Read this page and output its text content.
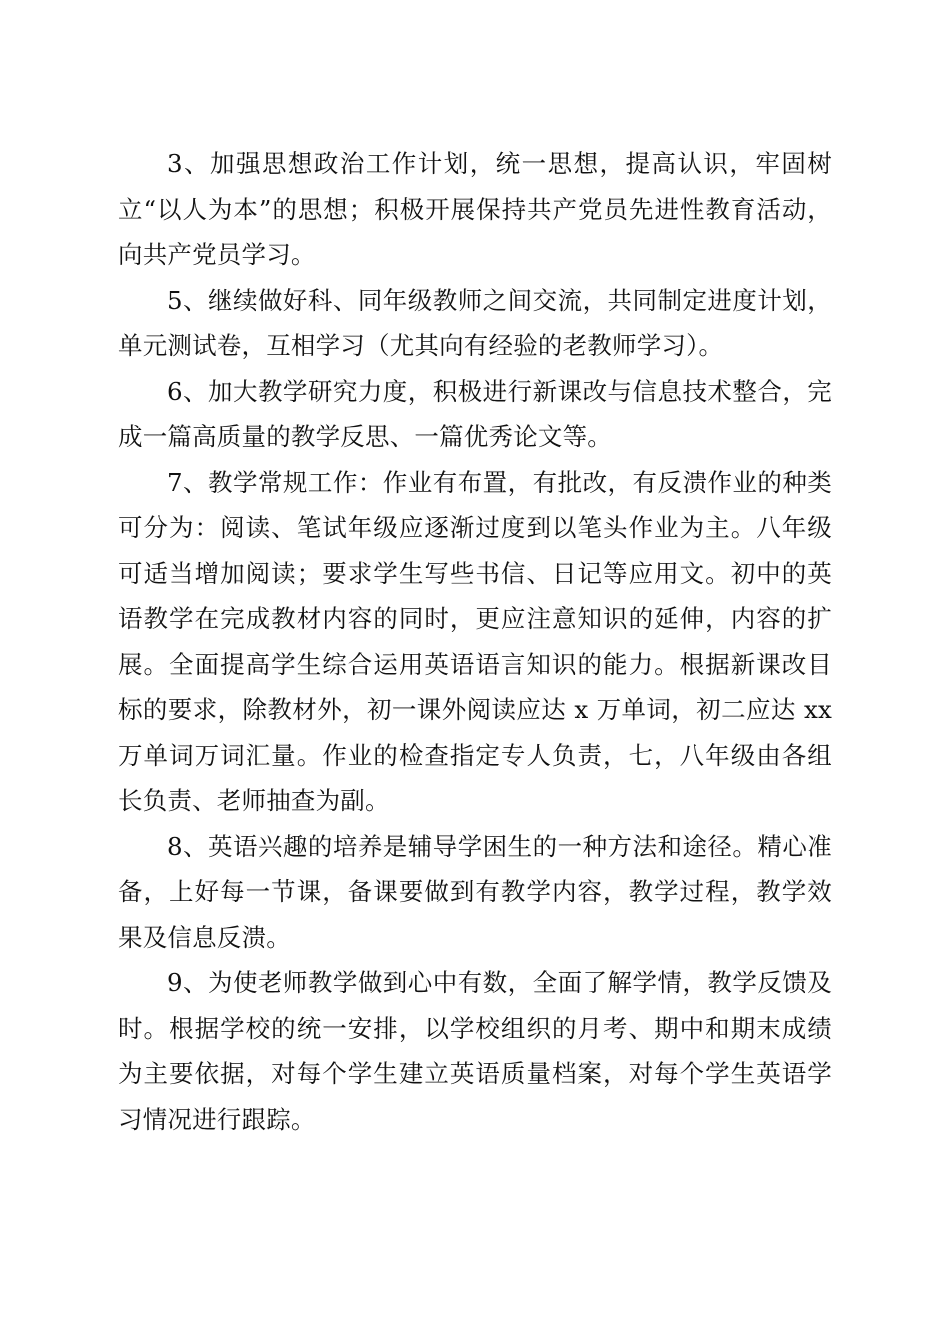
3、加强思想政治工作计划，统一思想，提高认识，牢固树立“以人为本”的思想；积极开展保持共产党员先进性教育活动，向共产党员学习。

5、继续做好科、同年级教师之间交流，共同制定进度计划，单元测试卷，互相学习（尤其向有经验的老教师学习）。

6、加大教学研究力度，积极进行新课改与信息技术整合，完成一篇高质量的教学反思、一篇优秀论文等。

7、教学常规工作：作业有布置，有批改，有反溃作业的种类可分为：阅读、笔试年级应逐渐过度到以笔头作业为主。八年级可适当增加阅读；要求学生写些书信、日记等应用文。初中的英语教学在完成教材内容的同时，更应注意知识的延伸，内容的扩展。全面提高学生综合运用英语语言知识的能力。根据新课改目标的要求，除教材外，初一课外阅读应达 x 万单词，初二应达 xx 万单词万词汇量。作业的检查指定专人负责，七，八年级由各组长负责、老师抽查为副。

8、英语兴趣的培养是辅导学困生的一种方法和途径。精心准备，上好每一节课，备课要做到有教学内容，教学过程，教学效果及信息反溃。

9、为使老师教学做到心中有数，全面了解学情，教学反馈及时。根据学校的统一安排，以学校组织的月考、期中和期末成绩为主要依据，对每个学生建立英语质量档案，对每个学生英语学习情况进行跟踪。
